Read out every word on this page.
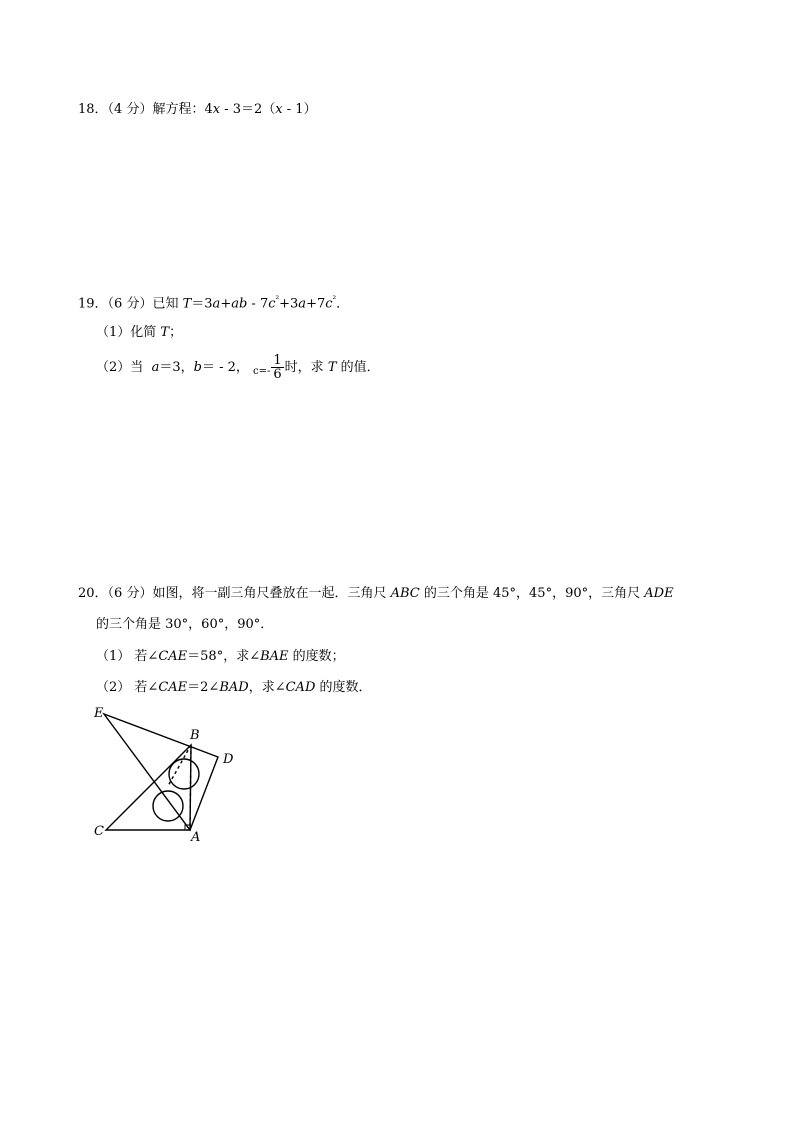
18．（4 分）解方程：4x - 3＝2（x - 1）
19．（6 分）已知 $T=3a+ab - 7c^{^2}+3a+7c^{^2}$．
（1）化简 T；
（2）当  a＝3，b＝ - 2， $_{c=-} \frac{1}{6}$ 时，求 T 的值．
20．（6 分）如图，将一副三角尺叠放在一起．三角尺 ABC 的三个角是 45°，45°，90°，三角尺 ADE
的三个角是 30°，60°，90°．
（1） 若∠CAE＝58°，求∠BAE 的度数；
（2） 若∠CAE＝2∠BAD，求∠CAD 的度数．
E
B
D
C	A
